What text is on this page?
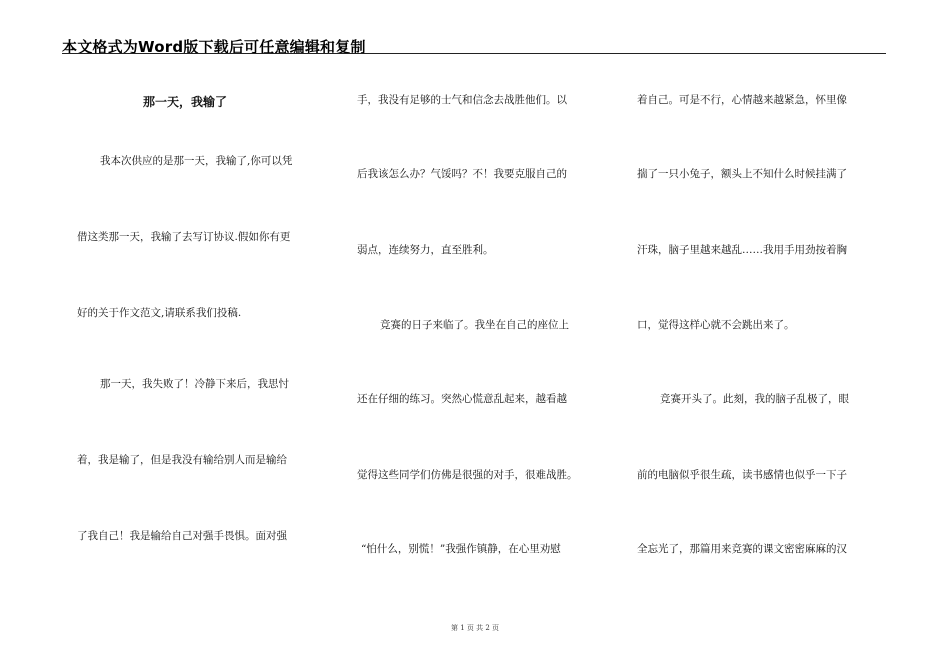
本文格式为Word版下载后可任意编辑和复制
那一天，我输了
我本次供应的是那一天，我输了,你可以凭
借这类那一天，我输了去写订协议.假如你有更
好的关于作文范文,请联系我们投稿.
那一天，我失败了！冷静下来后，我思忖
着，我是输了，但是我没有输给别人而是输给
了我自己！我是输给自己对强手畏惧。面对强
手，我没有足够的士气和信念去战胜他们。以
后我该怎么办？气馁吗？不！我要克服自己的
弱点，连续努力，直至胜利。
竞赛的日子来临了。我坐在自己的座位上
还在仔细的练习。突然心慌意乱起来，越看越
觉得这些同学们仿佛是很强的对手，很难战胜。
“怕什么，别慌！”我强作镇静，在心里劝慰
着自己。可是不行，心情越来越紧急，怀里像
揣了一只小兔子，额头上不知什么时候挂满了
汗珠，脑子里越来越乱……我用手用劲按着胸
口，觉得这样心就不会跳出来了。
竞赛开头了。此刻，我的脑子乱极了，眼
前的电脑似乎很生疏，读书感情也似乎一下子
全忘光了，那篇用来竞赛的课文密密麻麻的汉
第 1 页 共 2 页
